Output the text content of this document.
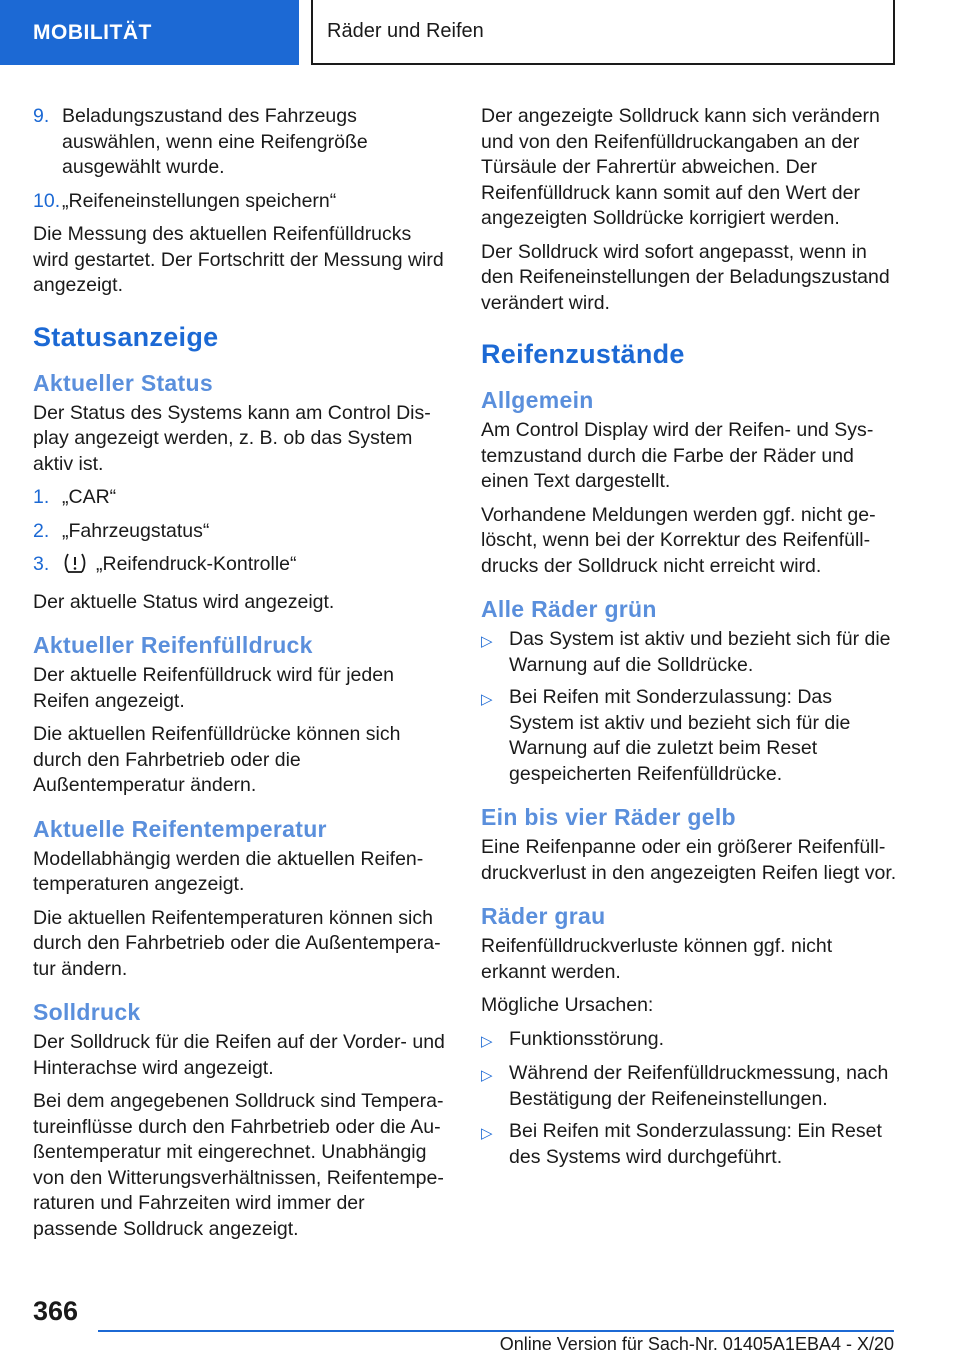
MOBILITÄT	Räder und Reifen
9. Beladungszustand des Fahrzeugs auswählen, wenn eine Reifengröße ausgewählt wurde.
10. „Reifeneinstellungen speichern“

Die Messung des aktuellen Reifenfülldrucks wird gestartet. Der Fortschritt der Messung wird angezeigt.

Statusanzeige
Aktueller Status

Der Status des Systems kann am Control Display angezeigt werden, z. B. ob das System aktiv ist.

1. „CAR“
2. „Fahrzeugstatus“
3.	„Reifendruck-Kontrolle“

Der aktuelle Status wird angezeigt.

Aktueller Reifenfülldruck

Der aktuelle Reifenfülldruck wird für jeden Reifen angezeigt.

Die aktuellen Reifenfülldrücke können sich durch den Fahrbetrieb oder die Außentemperatur ändern.

Aktuelle Reifentemperatur

Modellabhängig werden die aktuellen Reifentemperaturen angezeigt.

Die aktuellen Reifentemperaturen können sich durch den Fahrbetrieb oder die Außentemperatur ändern.

Solldruck

Der Solldruck für die Reifen auf der Vorder- und Hinterachse wird angezeigt.

Bei dem angegebenen Solldruck sind Temperatureinflüsse durch den Fahrbetrieb oder die Außentemperatur mit eingerechnet. Unabhängig von den Witterungsverhältnissen, Reifentemperaturen und Fahrzeiten wird immer der passende Solldruck angezeigt.

Der angezeigte Solldruck kann sich verändern und von den Reifenfülldruckangaben an der Türsäule der Fahrertür abweichen. Der Reifenfülldruck kann somit auf den Wert der angezeigten Solldrücke korrigiert werden.

Der Solldruck wird sofort angepasst, wenn in den Reifeneinstellungen der Beladungszustand verändert wird.

Reifenzustände
Allgemein

Am Control Display wird der Reifen- und Systemzustand durch die Farbe der Räder und einen Text dargestellt.

Vorhandene Meldungen werden ggf. nicht gelöscht, wenn bei der Korrektur des Reifenfülldrucks der Solldruck nicht erreicht wird.

Alle Räder grün
▷ Das System ist aktiv und bezieht sich für die Warnung auf die Solldrücke.
▷ Bei Reifen mit Sonderzulassung: Das System ist aktiv und bezieht sich für die Warnung auf die zuletzt beim Reset gespeicherten Reifenfülldrücke.
Ein bis vier Räder gelb

Eine Reifenpanne oder ein größerer Reifenfülldruckverlust in den angezeigten Reifen liegt vor.

Räder grau

Reifenfülldruckverluste können ggf. nicht erkannt werden.

Mögliche Ursachen:

▷ Funktionsstörung.
▷ Während der Reifenfülldruckmessung, nach Bestätigung der Reifeneinstellungen.
▷ Bei Reifen mit Sonderzulassung: Ein Reset des Systems wird durchgeführt.
366
Online Version für Sach-Nr. 01405A1EBA4 - X/20
